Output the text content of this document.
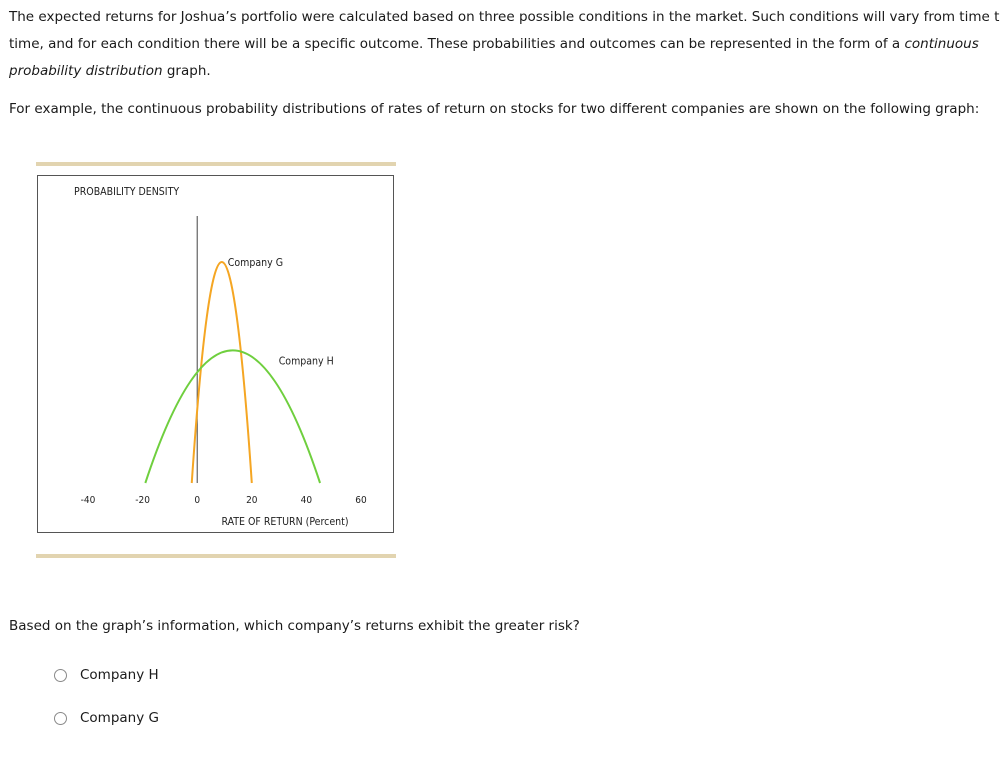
The expected returns for Joshua’s portfolio were calculated based on three possible conditions in the market. Such conditions will vary from time t
time, and for each condition there will be a specific outcome. These probabilities and outcomes can be represented in the form of a continuous
probability distribution graph.

For example, the continuous probability distributions of rates of return on stocks for two different companies are shown on the following graph:

PROBABILITY DENSITY
RATE OF RETURN (Percent)
-40	-20	0	20	40	60
Company G
Company H

Based on the graph’s information, which company’s returns exhibit the greater risk?

Company H
Company G
